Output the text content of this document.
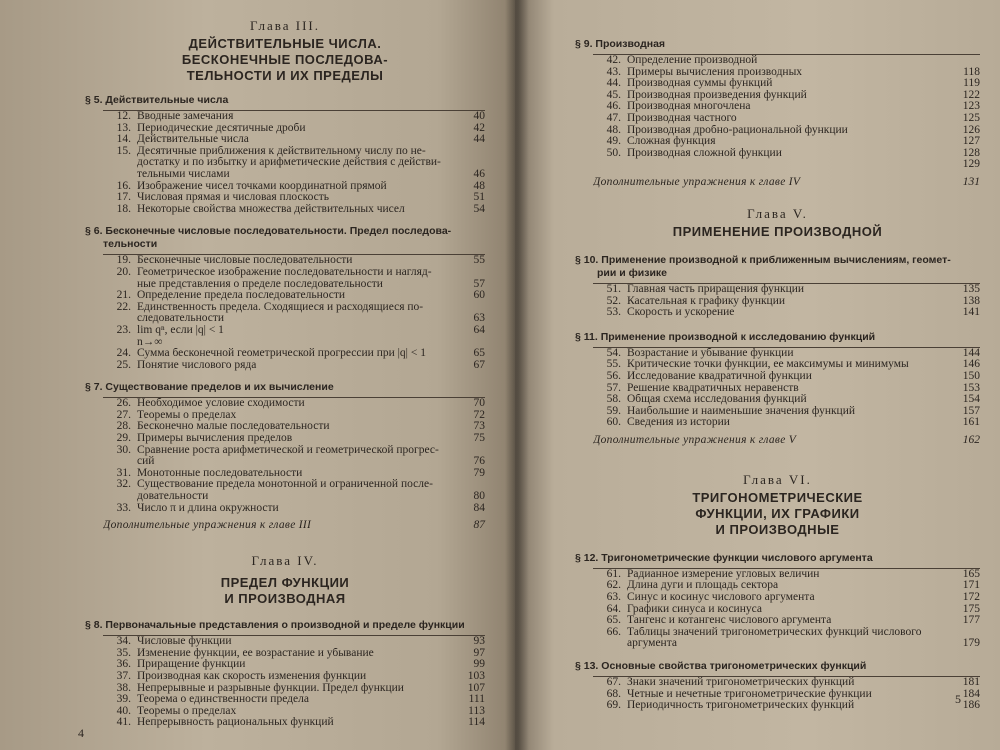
Глава III.

ДЕЙСТВИТЕЛЬНЫЕ ЧИСЛА.

БЕСКОНЕЧНЫЕ ПОСЛЕДОВА-

ТЕЛЬНОСТИ И ИХ ПРЕДЕЛЫ

§ 5. Действительные числа

12. Вводные замечания	40
13. Периодические десятичные дроби	42
14. Действительные числа	44
15. Десятичные приближения к действительному числу по не-
достатку и по избытку и арифметические действия с действи-
тельными числами	46
16. Изображение чисел точками координатной прямой	48
17. Числовая прямая и числовая плоскость	51
18. Некоторые свойства множества действительных чисел	54

§ 6. Бесконечные числовые последовательности. Предел последова-

тельности

19. Бесконечные числовые последовательности	55
20. Геометрическое изображение последовательности и нагляд-
ные представления о пределе последовательности	57
21. Определение предела последовательности	60
22. Единственность предела. Сходящиеся и расходящиеся по-
следовательности	63
23. lim qⁿ, если |q| < 1	64
n→∞
24. Сумма бесконечной геометрической прогрессии при |q| < 1	65
25. Понятие числового ряда	67

§ 7. Существование пределов и их вычисление

26. Необходимое условие сходимости	70
27. Теоремы о пределах	72
28. Бесконечно малые последовательности	73
29. Примеры вычисления пределов	75
30. Сравнение роста арифметической и геометрической прогрес-
сий	76
31. Монотонные последовательности	79
32. Существование предела монотонной и ограниченной после-
довательности	80
33. Число π и длина окружности	84
Дополнительные упражнения к главе III	87

Глава IV.

ПРЕДЕЛ ФУНКЦИИ

И ПРОИЗВОДНАЯ

§ 8. Первоначальные представления о производной и пределе функции

34. Числовые функции	93
35. Изменение функции, ее возрастание и убывание	97
36. Приращение функции	99
37. Производная как скорость изменения функции	103
38. Непрерывные и разрывные функции. Предел функции	107
39. Теорема о единственности предела	111
40. Теоремы о пределах	113
41. Непрерывность рациональных функций	114
4

§ 9. Производная

42. Определение производной
43. Примеры вычисления производных	118
44. Производная суммы функций	119
45. Производная произведения функций	122
46. Производная многочлена	123
47. Производная частного	125
48. Производная дробно-рациональной функции	126
49. Сложная функция	127
50. Производная сложной функции	128
129
Дополнительные упражнения к главе IV	131

Глава V.

ПРИМЕНЕНИЕ ПРОИЗВОДНОЙ

§ 10. Применение производной к приближенным вычислениям, геомет-

рии и физике

51. Главная часть приращения функции	135
52. Касательная к графику функции	138
53. Скорость и ускорение	141

§ 11. Применение производной к исследованию функций

54. Возрастание и убывание функции	144
55. Критические точки функции, ее максимумы и минимумы	146
56. Исследование квадратичной функции	150
57. Решение квадратичных неравенств	153
58. Общая схема исследования функций	154
59. Наибольшие и наименьшие значения функций	157
60. Сведения из истории	161
Дополнительные упражнения к главе V	162

Глава VI.

ТРИГОНОМЕТРИЧЕСКИЕ

ФУНКЦИИ, ИХ ГРАФИКИ

И ПРОИЗВОДНЫЕ

§ 12. Тригонометрические функции числового аргумента

61. Радианное измерение угловых величин	165
62. Длина дуги и площадь сектора	171
63. Синус и косинус числового аргумента	172
64. Графики синуса и косинуса	175
65. Тангенс и котангенс числового аргумента	177
66. Таблицы значений тригонометрических функций числового
аргумента	179

§ 13. Основные свойства тригонометрических функций

67. Знаки значений тригонометрических функций	181
68. Четные и нечетные тригонометрические функции	184
69. Периодичность тригонометрических функций	186
5
